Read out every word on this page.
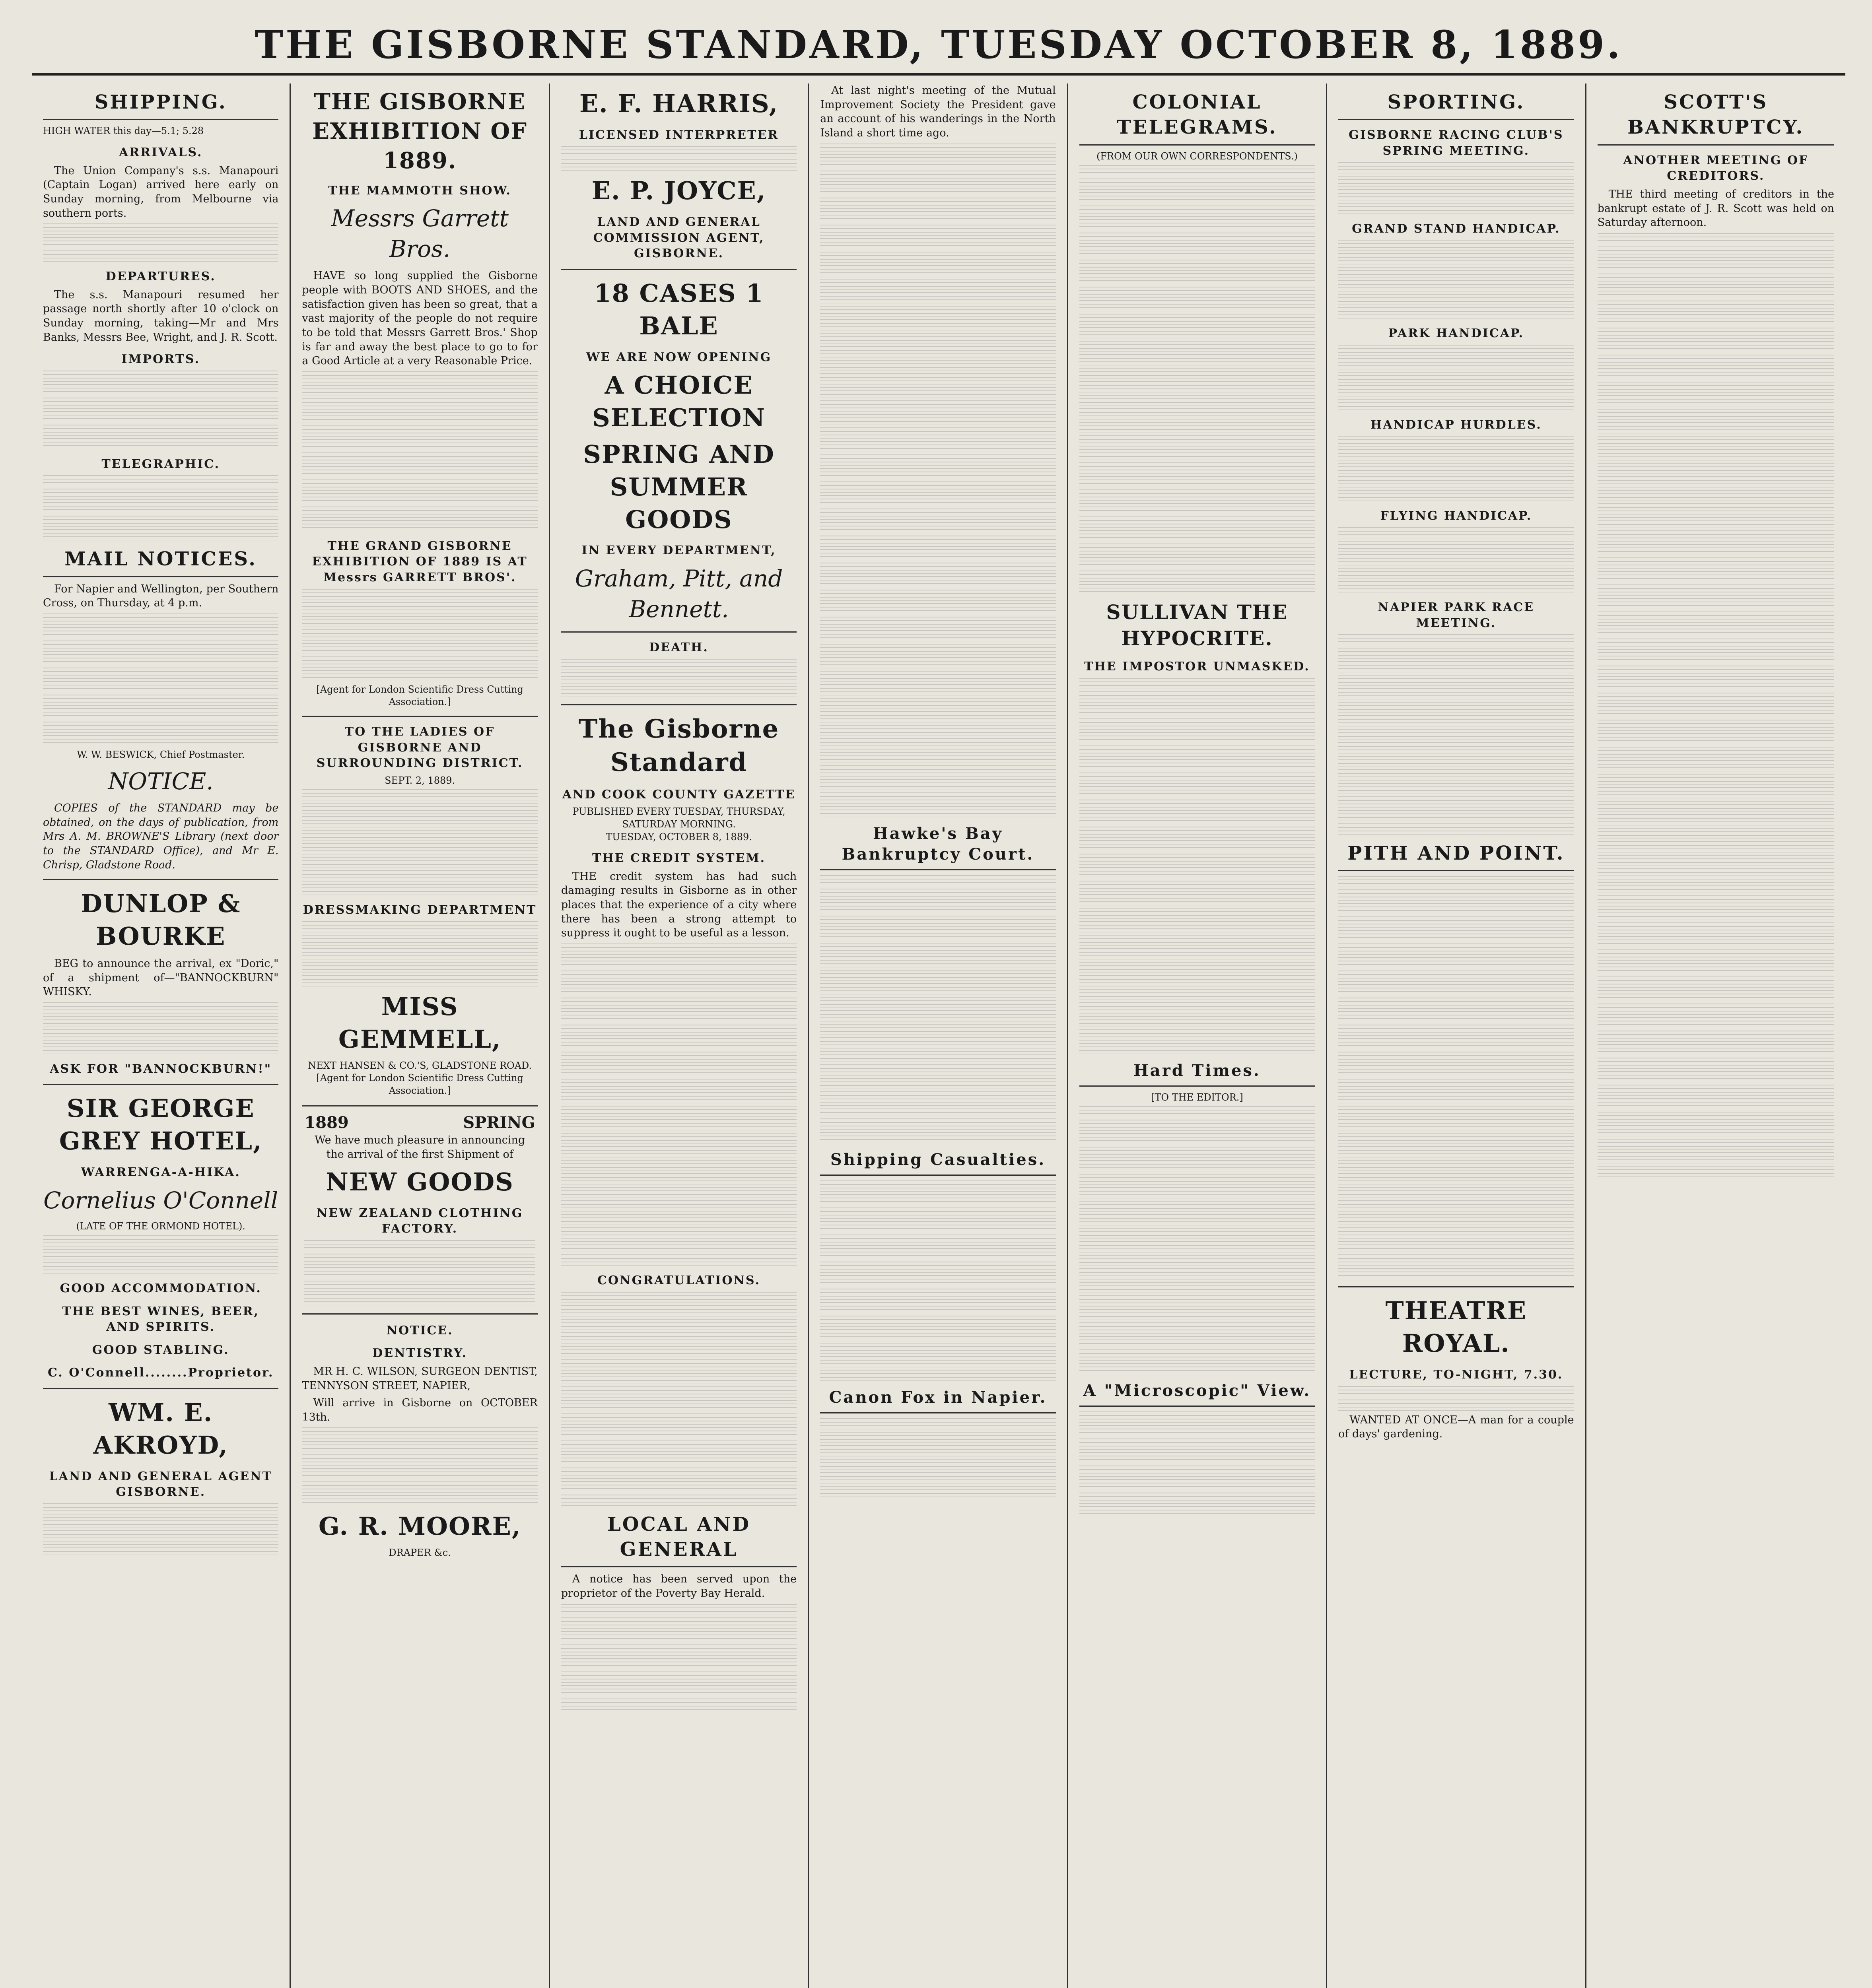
THE GISBORNE STANDARD, TUESDAY OCTOBER 8, 1889.
SHIPPING.
HIGH WATER this day—5.1; 5.28
ARRIVALS.

The Union Company's s.s. Manapouri (Captain Logan) arrived here early on Sunday morning, from Melbourne via southern ports.

DEPARTURES.

The s.s. Manapouri resumed her passage north shortly after 10 o'clock on Sunday morning, taking—Mr and Mrs Banks, Messrs Bee, Wright, and J. R. Scott.

IMPORTS.
TELEGRAPHIC.
MAIL NOTICES.

For Napier and Wellington, per Southern Cross, on Thursday, at 4 p.m.

W. W. BESWICK, Chief Postmaster.
NOTICE.

COPIES of the STANDARD may be obtained, on the days of publication, from Mrs A. M. BROWNE'S Library (next door to the STANDARD Office), and Mr E. Chrisp, Gladstone Road.

DUNLOP & BOURKE

BEG to announce the arrival, ex "Doric," of a shipment of—"BANNOCKBURN" WHISKY.

ASK FOR "BANNOCKBURN!"
SIR GEORGE GREY HOTEL,
WARRENGA-A-HIKA.
Cornelius O'Connell
(LATE OF THE ORMOND HOTEL).
GOOD ACCOMMODATION.
THE BEST WINES, BEER, AND SPIRITS.
GOOD STABLING.
C. O'Connell........Proprietor.
WM. E. AKROYD,
LAND AND GENERAL AGENT GISBORNE.
THE GISBORNE EXHIBITION OF 1889.
THE MAMMOTH SHOW.
Messrs Garrett Bros.

HAVE so long supplied the Gisborne people with BOOTS AND SHOES, and the satisfaction given has been so great, that a vast majority of the people do not require to be told that Messrs Garrett Bros.' Shop is far and away the best place to go to for a Good Article at a very Reasonable Price.

THE GRAND GISBORNE EXHIBITION OF 1889 IS AT Messrs GARRETT BROS'.
[Agent for London Scientific Dress Cutting Association.]
TO THE LADIES OF GISBORNE AND SURROUNDING DISTRICT.
SEPT. 2, 1889.
DRESSMAKING DEPARTMENT
MISS GEMMELL,
NEXT HANSEN & CO.'S, GLADSTONE ROAD.
[Agent for London Scientific Dress Cutting Association.]
1889	SPRING

We have much pleasure in announcing the arrival of the first Shipment of

NEW GOODS
NEW ZEALAND CLOTHING FACTORY.
NOTICE.
DENTISTRY.

MR H. C. WILSON, SURGEON DENTIST, TENNYSON STREET, NAPIER,

Will arrive in Gisborne on OCTOBER 13th.

G. R. MOORE,
DRAPER &c.
E. F. HARRIS,
LICENSED INTERPRETER
E. P. JOYCE,
LAND AND GENERAL COMMISSION AGENT, GISBORNE.
18 CASES 1 BALE
WE ARE NOW OPENING
A CHOICE SELECTION
SPRING AND SUMMER GOODS
IN EVERY DEPARTMENT,
Graham, Pitt, and Bennett.
DEATH.
The Gisborne Standard
AND COOK COUNTY GAZETTE
PUBLISHED EVERY TUESDAY, THURSDAY, SATURDAY MORNING.
TUESDAY, OCTOBER 8, 1889.
THE CREDIT SYSTEM.

THE credit system has had such damaging results in Gisborne as in other places that the experience of a city where there has been a strong attempt to suppress it ought to be useful as a lesson.

CONGRATULATIONS.
LOCAL AND GENERAL

A notice has been served upon the proprietor of the Poverty Bay Herald.

At last night's meeting of the Mutual Improvement Society the President gave an account of his wanderings in the North Island a short time ago.

Hawke's Bay Bankruptcy Court.
Shipping Casualties.
Canon Fox in Napier.
COLONIAL TELEGRAMS.
(FROM OUR OWN CORRESPONDENTS.)
SULLIVAN THE HYPOCRITE.
THE IMPOSTOR UNMASKED.
Hard Times.
[TO THE EDITOR.]
A "Microscopic" View.
SPORTING.
GISBORNE RACING CLUB'S SPRING MEETING.
GRAND STAND HANDICAP.
PARK HANDICAP.
HANDICAP HURDLES.
FLYING HANDICAP.
NAPIER PARK RACE MEETING.
PITH AND POINT.
THEATRE ROYAL.
LECTURE, TO-NIGHT, 7.30.

WANTED AT ONCE—A man for a couple of days' gardening.

SCOTT'S BANKRUPTCY.
ANOTHER MEETING OF CREDITORS.

THE third meeting of creditors in the bankrupt estate of J. R. Scott was held on Saturday afternoon.
